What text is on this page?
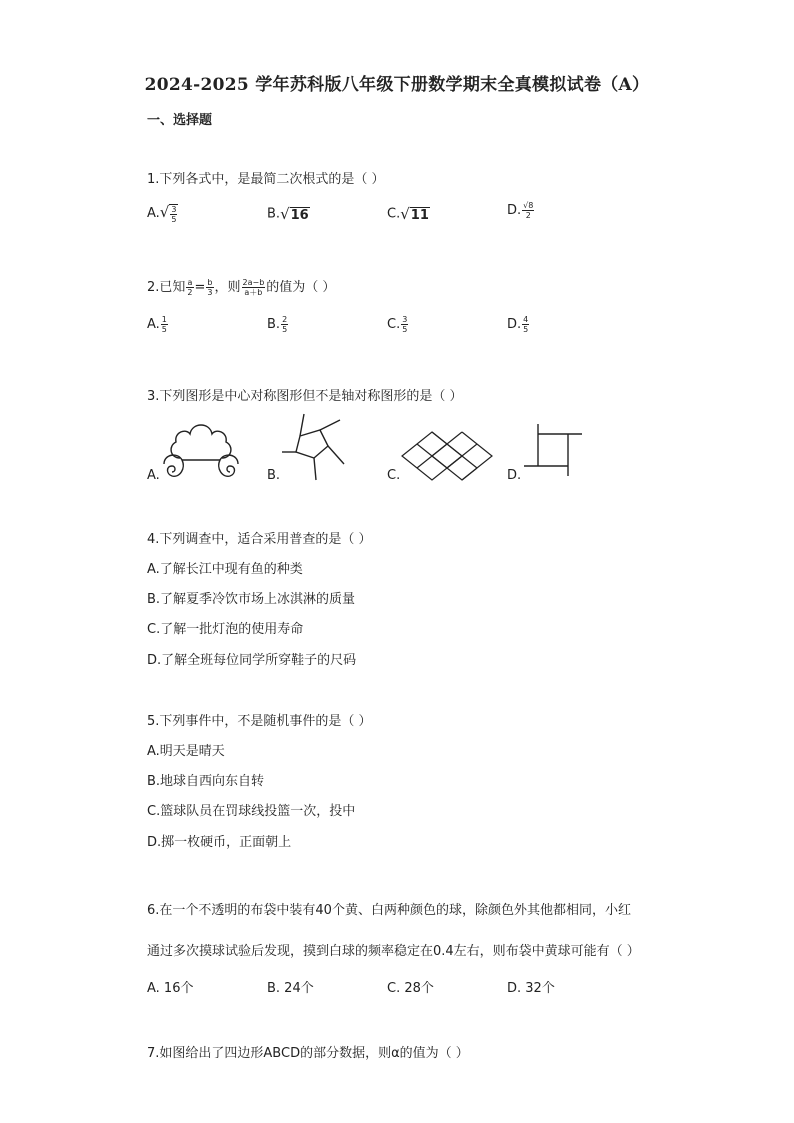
2024-2025 学年苏科版八年级下册数学期末全真模拟试卷（A）
一、选择题
1.下列各式中，是最简二次根式的是（ ）
$A.√ \frac{3}{5}$	B.√16	C.√11	D. $\frac{√8}{2}$
2.已知 $\frac{a}{2} = \frac{b}{3}$ ，则 $\frac{2a-b}{a+b}$ 的值为（ ）
A. $\frac{1}{5}$	B. $\frac{2}{5}$	C. $\frac{3}{5}$	D. $\frac{4}{5}$
3.下列图形是中心对称图形但不是轴对称图形的是（ ）
A.	B.	C.	D.
4.下列调查中，适合采用普查的是（ ）
A.了解长江中现有鱼的种类
B.了解夏季冷饮市场上冰淇淋的质量
C.了解一批灯泡的使用寿命
D.了解全班每位同学所穿鞋子的尺码
5.下列事件中，不是随机事件的是（ ）
A.明天是晴天
B.地球自西向东自转
C.篮球队员在罚球线投篮一次，投中
D.掷一枚硬币，正面朝上
6.在一个不透明的布袋中装有40个黄、白两种颜色的球，除颜色外其他都相同，小红
通过多次摸球试验后发现，摸到白球的频率稳定在0.4左右，则布袋中黄球可能有（ ）
A. 16个	B. 24个	C. 28个	D. 32个
7.如图给出了四边形ABCD的部分数据，则α的值为（ ）
